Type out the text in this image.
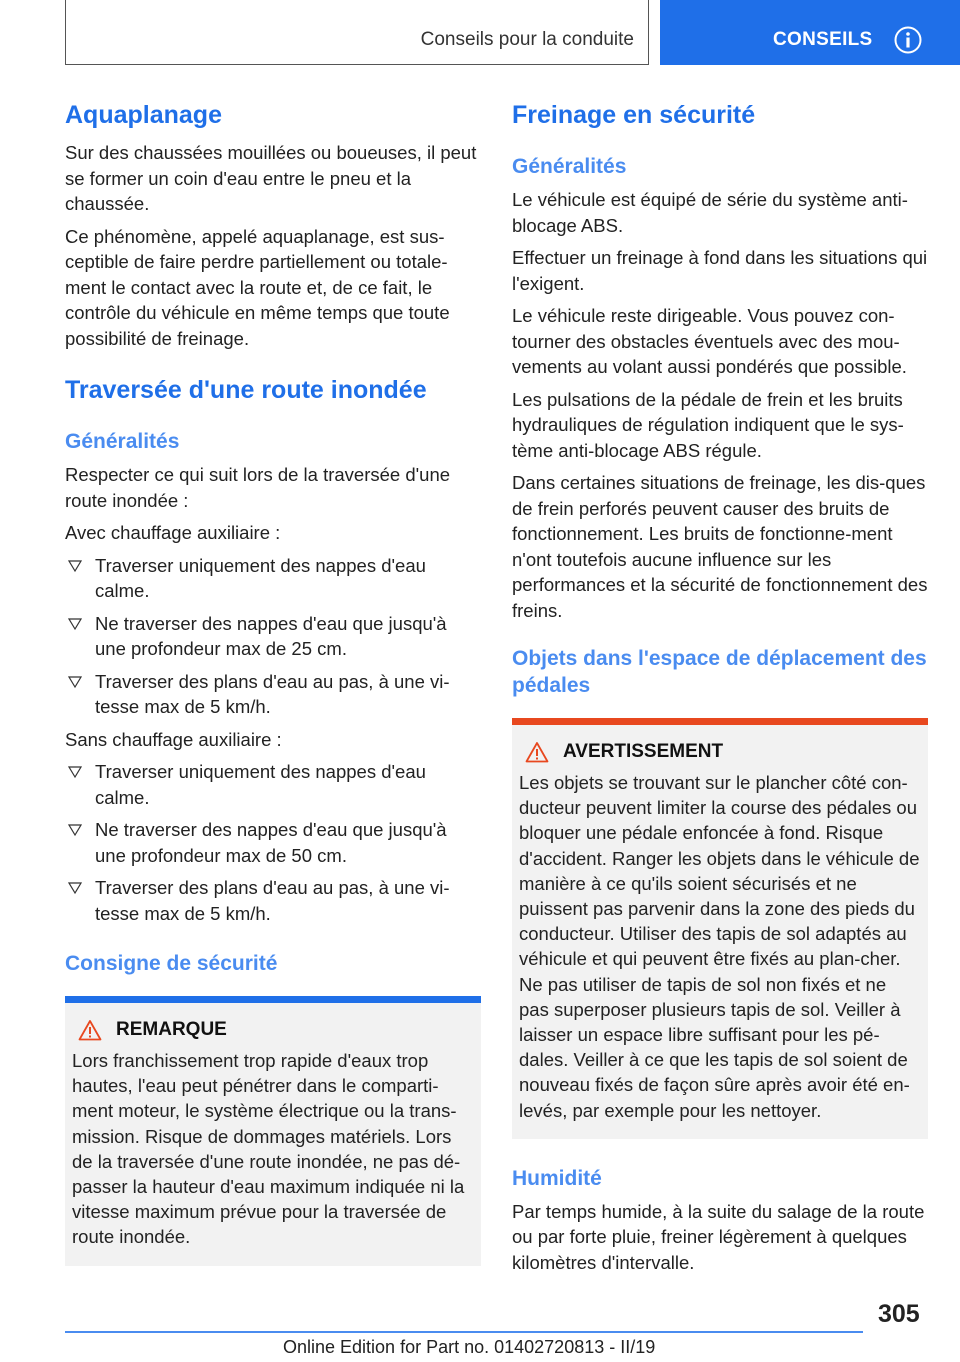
Conseils pour la conduite	CONSEILS
Aquaplanage

Sur des chaussées mouillées ou boueuses, il peut se former un coin d'eau entre le pneu et la chaussée.

Ce phénomène, appelé aquaplanage, est sus-ceptible de faire perdre partiellement ou totale-ment le contact avec la route et, de ce fait, le contrôle du véhicule en même temps que toute possibilité de freinage.

Traversée d'une route inondée
Généralités

Respecter ce qui suit lors de la traversée d'une route inondée :

Avec chauffage auxiliaire :

Traverser uniquement des nappes d'eau calme.
Ne traverser des nappes d'eau que jusqu'à une profondeur max de 25 cm.
Traverser des plans d'eau au pas, à une vi-tesse max de 5 km/h.

Sans chauffage auxiliaire :

Traverser uniquement des nappes d'eau calme.
Ne traverser des nappes d'eau que jusqu'à une profondeur max de 50 cm.
Traverser des plans d'eau au pas, à une vi-tesse max de 5 km/h.
Consigne de sécurité
REMARQUE

Lors franchissement trop rapide d'eaux trop hautes, l'eau peut pénétrer dans le comparti-ment moteur, le système électrique ou la trans-mission. Risque de dommages matériels. Lors de la traversée d'une route inondée, ne pas dé-passer la hauteur d'eau maximum indiquée ni la vitesse maximum prévue pour la traversée de route inondée.

Freinage en sécurité
Généralités

Le véhicule est équipé de série du système anti-blocage ABS.

Effectuer un freinage à fond dans les situations qui l'exigent.

Le véhicule reste dirigeable. Vous pouvez con-tourner des obstacles éventuels avec des mou-vements au volant aussi pondérés que possible.

Les pulsations de la pédale de frein et les bruits hydrauliques de régulation indiquent que le sys-tème anti-blocage ABS régule.

Dans certaines situations de freinage, les dis-ques de frein perforés peuvent causer des bruits de fonctionnement. Les bruits de fonctionne-ment n'ont toutefois aucune influence sur les performances et la sécurité de fonctionnement des freins.

Objets dans l'espace de déplacement des pédales
AVERTISSEMENT

Les objets se trouvant sur le plancher côté con-ducteur peuvent limiter la course des pédales ou bloquer une pédale enfoncée à fond. Risque d'accident. Ranger les objets dans le véhicule de manière à ce qu'ils soient sécurisés et ne puissent pas parvenir dans la zone des pieds du conducteur. Utiliser des tapis de sol adaptés au véhicule et qui peuvent être fixés au plan-cher. Ne pas utiliser de tapis de sol non fixés et ne pas superposer plusieurs tapis de sol. Veiller à laisser un espace libre suffisant pour les pé-dales. Veiller à ce que les tapis de sol soient de nouveau fixés de façon sûre après avoir été en-levés, par exemple pour les nettoyer.

Humidité

Par temps humide, à la suite du salage de la route ou par forte pluie, freiner légèrement à quelques kilomètres d'intervalle.

305
Online Edition for Part no. 01402720813 - II/19
